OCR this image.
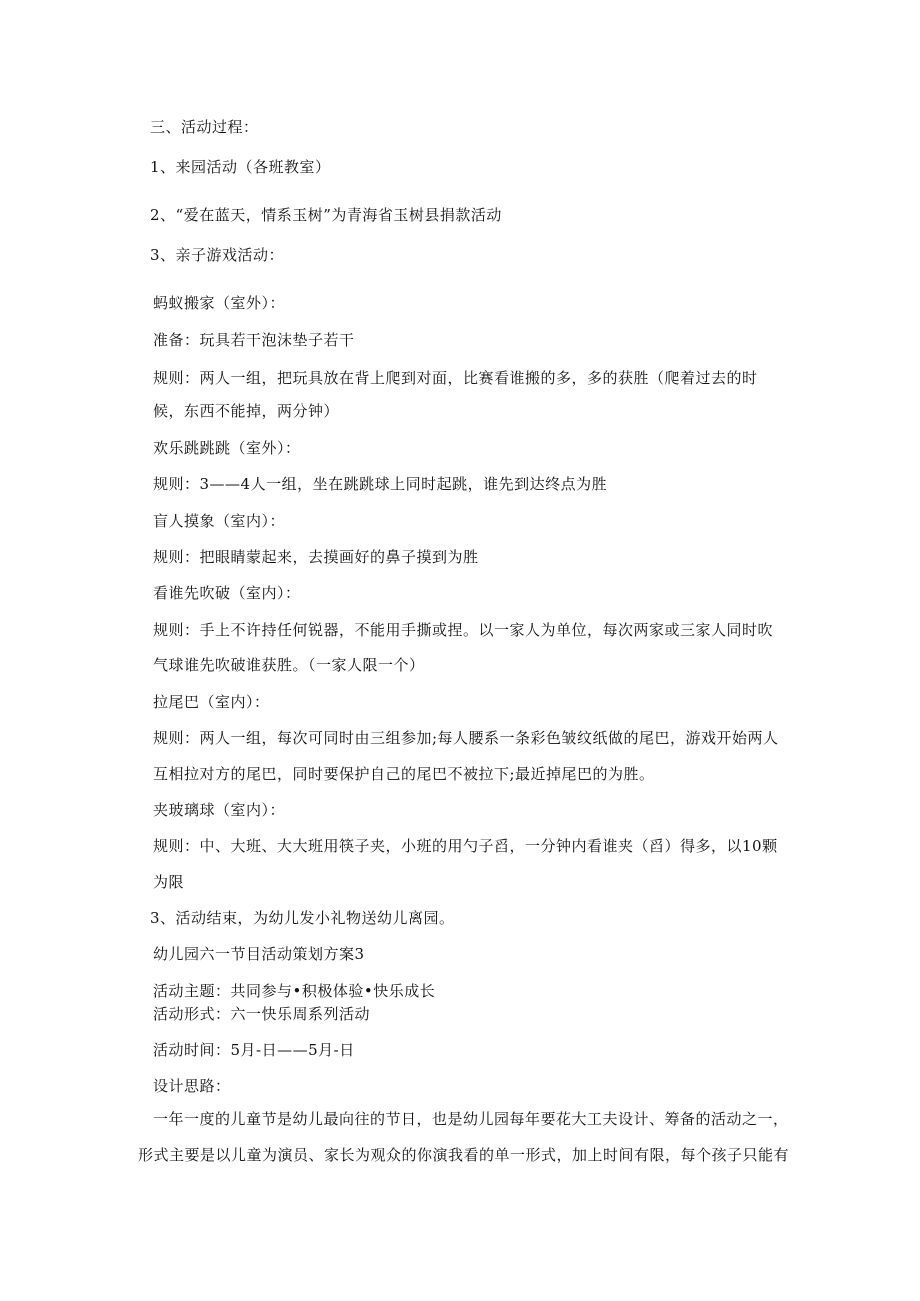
三、活动过程：
1、来园活动（各班教室）
2、“爱在蓝天，情系玉树”为青海省玉树县捐款活动
3、亲子游戏活动：
蚂蚁搬家（室外）：
准备：玩具若干泡沫垫子若干
规则：两人一组，把玩具放在背上爬到对面，比赛看谁搬的多，多的获胜（爬着过去的时
候，东西不能掉，两分钟）
欢乐跳跳跳（室外）：
规则：3——4人一组，坐在跳跳球上同时起跳，谁先到达终点为胜
盲人摸象（室内）：
规则：把眼睛蒙起来，去摸画好的鼻子摸到为胜
看谁先吹破（室内）：
规则：手上不许持任何锐器，不能用手撕或捏。以一家人为单位，每次两家或三家人同时吹
气球谁先吹破谁获胜。（一家人限一个）
拉尾巴（室内）：
规则：两人一组，每次可同时由三组参加;每人腰系一条彩色皱纹纸做的尾巴，游戏开始两人
互相拉对方的尾巴，同时要保护自己的尾巴不被拉下;最近掉尾巴的为胜。
夹玻璃球（室内）：
规则：中、大班、大大班用筷子夹，小班的用勺子舀，一分钟内看谁夹（舀）得多，以10颗
为限
3、活动结束，为幼儿发小礼物送幼儿离园。
幼儿园六一节目活动策划方案3
活动主题：共同参与•积极体验•快乐成长
活动形式：六一快乐周系列活动
活动时间：5月-日——5月-日
设计思路：
一年一度的儿童节是幼儿最向往的节日，也是幼儿园每年要花大工夫设计、筹备的活动之一，
形式主要是以儿童为演员、家长为观众的你演我看的单一形式，加上时间有限，每个孩子只能有
